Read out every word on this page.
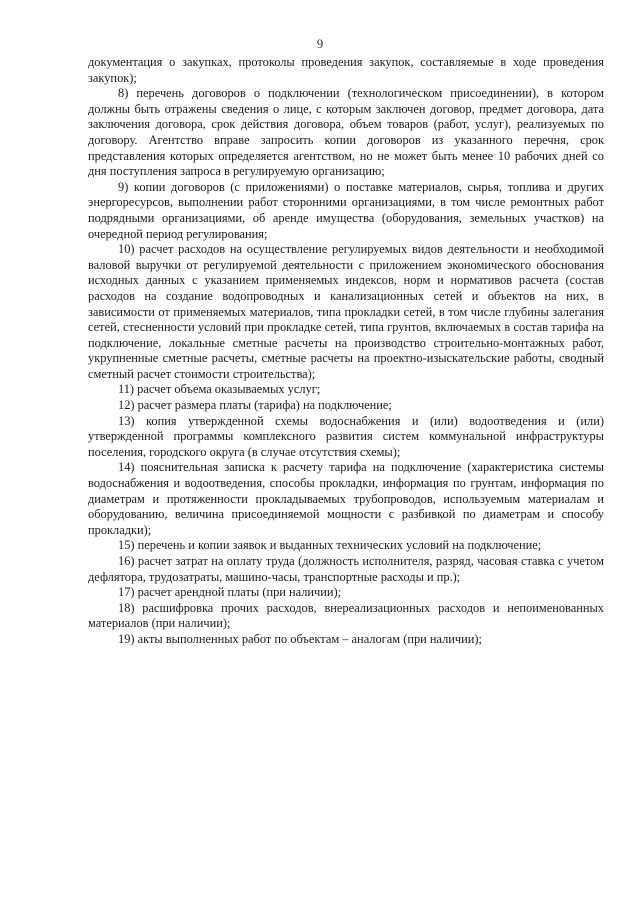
9

документация о закупках, протоколы проведения закупок, составляемые в ходе проведения закупок);

8) перечень договоров о подключении (технологическом присоединении), в котором должны быть отражены сведения о лице, с которым заключен договор, предмет договора, дата заключения договора, срок действия договора, объем товаров (работ, услуг), реализуемых по договору. Агентство вправе запросить копии договоров из указанного перечня, срок представления которых определяется агентством, но не может быть менее 10 рабочих дней со дня поступления запроса в регулируемую организацию;

9) копии договоров (с приложениями) о поставке материалов, сырья, топлива и других энергоресурсов, выполнении работ сторонними организациями, в том числе ремонтных работ подрядными организациями, об аренде имущества (оборудования, земельных участков) на очередной период регулирования;

10) расчет расходов на осуществление регулируемых видов деятельности и необходимой валовой выручки от регулируемой деятельности с приложением экономического обоснования исходных данных с указанием применяемых индексов, норм и нормативов расчета (состав расходов на создание водопроводных и канализационных сетей и объектов на них, в зависимости от применяемых материалов, типа прокладки сетей, в том числе глубины залегания сетей, стесненности условий при прокладке сетей, типа грунтов, включаемых в состав тарифа на подключение, локальные сметные расчеты на производство строительно-монтажных работ, укрупненные сметные расчеты, сметные расчеты на проектно-изыскательские работы, сводный сметный расчет стоимости строительства);

11) расчет объема оказываемых услуг;

12) расчет размера платы (тарифа) на подключение;

13) копия утвержденной схемы водоснабжения и (или) водоотведения и (или) утвержденной программы комплексного развития систем коммунальной инфраструктуры поселения, городского округа (в случае отсутствия схемы);

14) пояснительная записка к расчету тарифа на подключение (характеристика системы водоснабжения и водоотведения, способы прокладки, информация по грунтам, информация по диаметрам и протяженности прокладываемых трубопроводов, используемым материалам и оборудованию, величина присоединяемой мощности с разбивкой по диаметрам и способу прокладки);

15) перечень и копии заявок и выданных технических условий на подключение;

16) расчет затрат на оплату труда (должность исполнителя, разряд, часовая ставка с учетом дефлятора, трудозатраты, машино-часы, транспортные расходы и пр.);

17) расчет арендной платы (при наличии);

18) расшифровка прочих расходов, внереализационных расходов и непоименованных материалов (при наличии);

19) акты выполненных работ по объектам – аналогам (при наличии);
